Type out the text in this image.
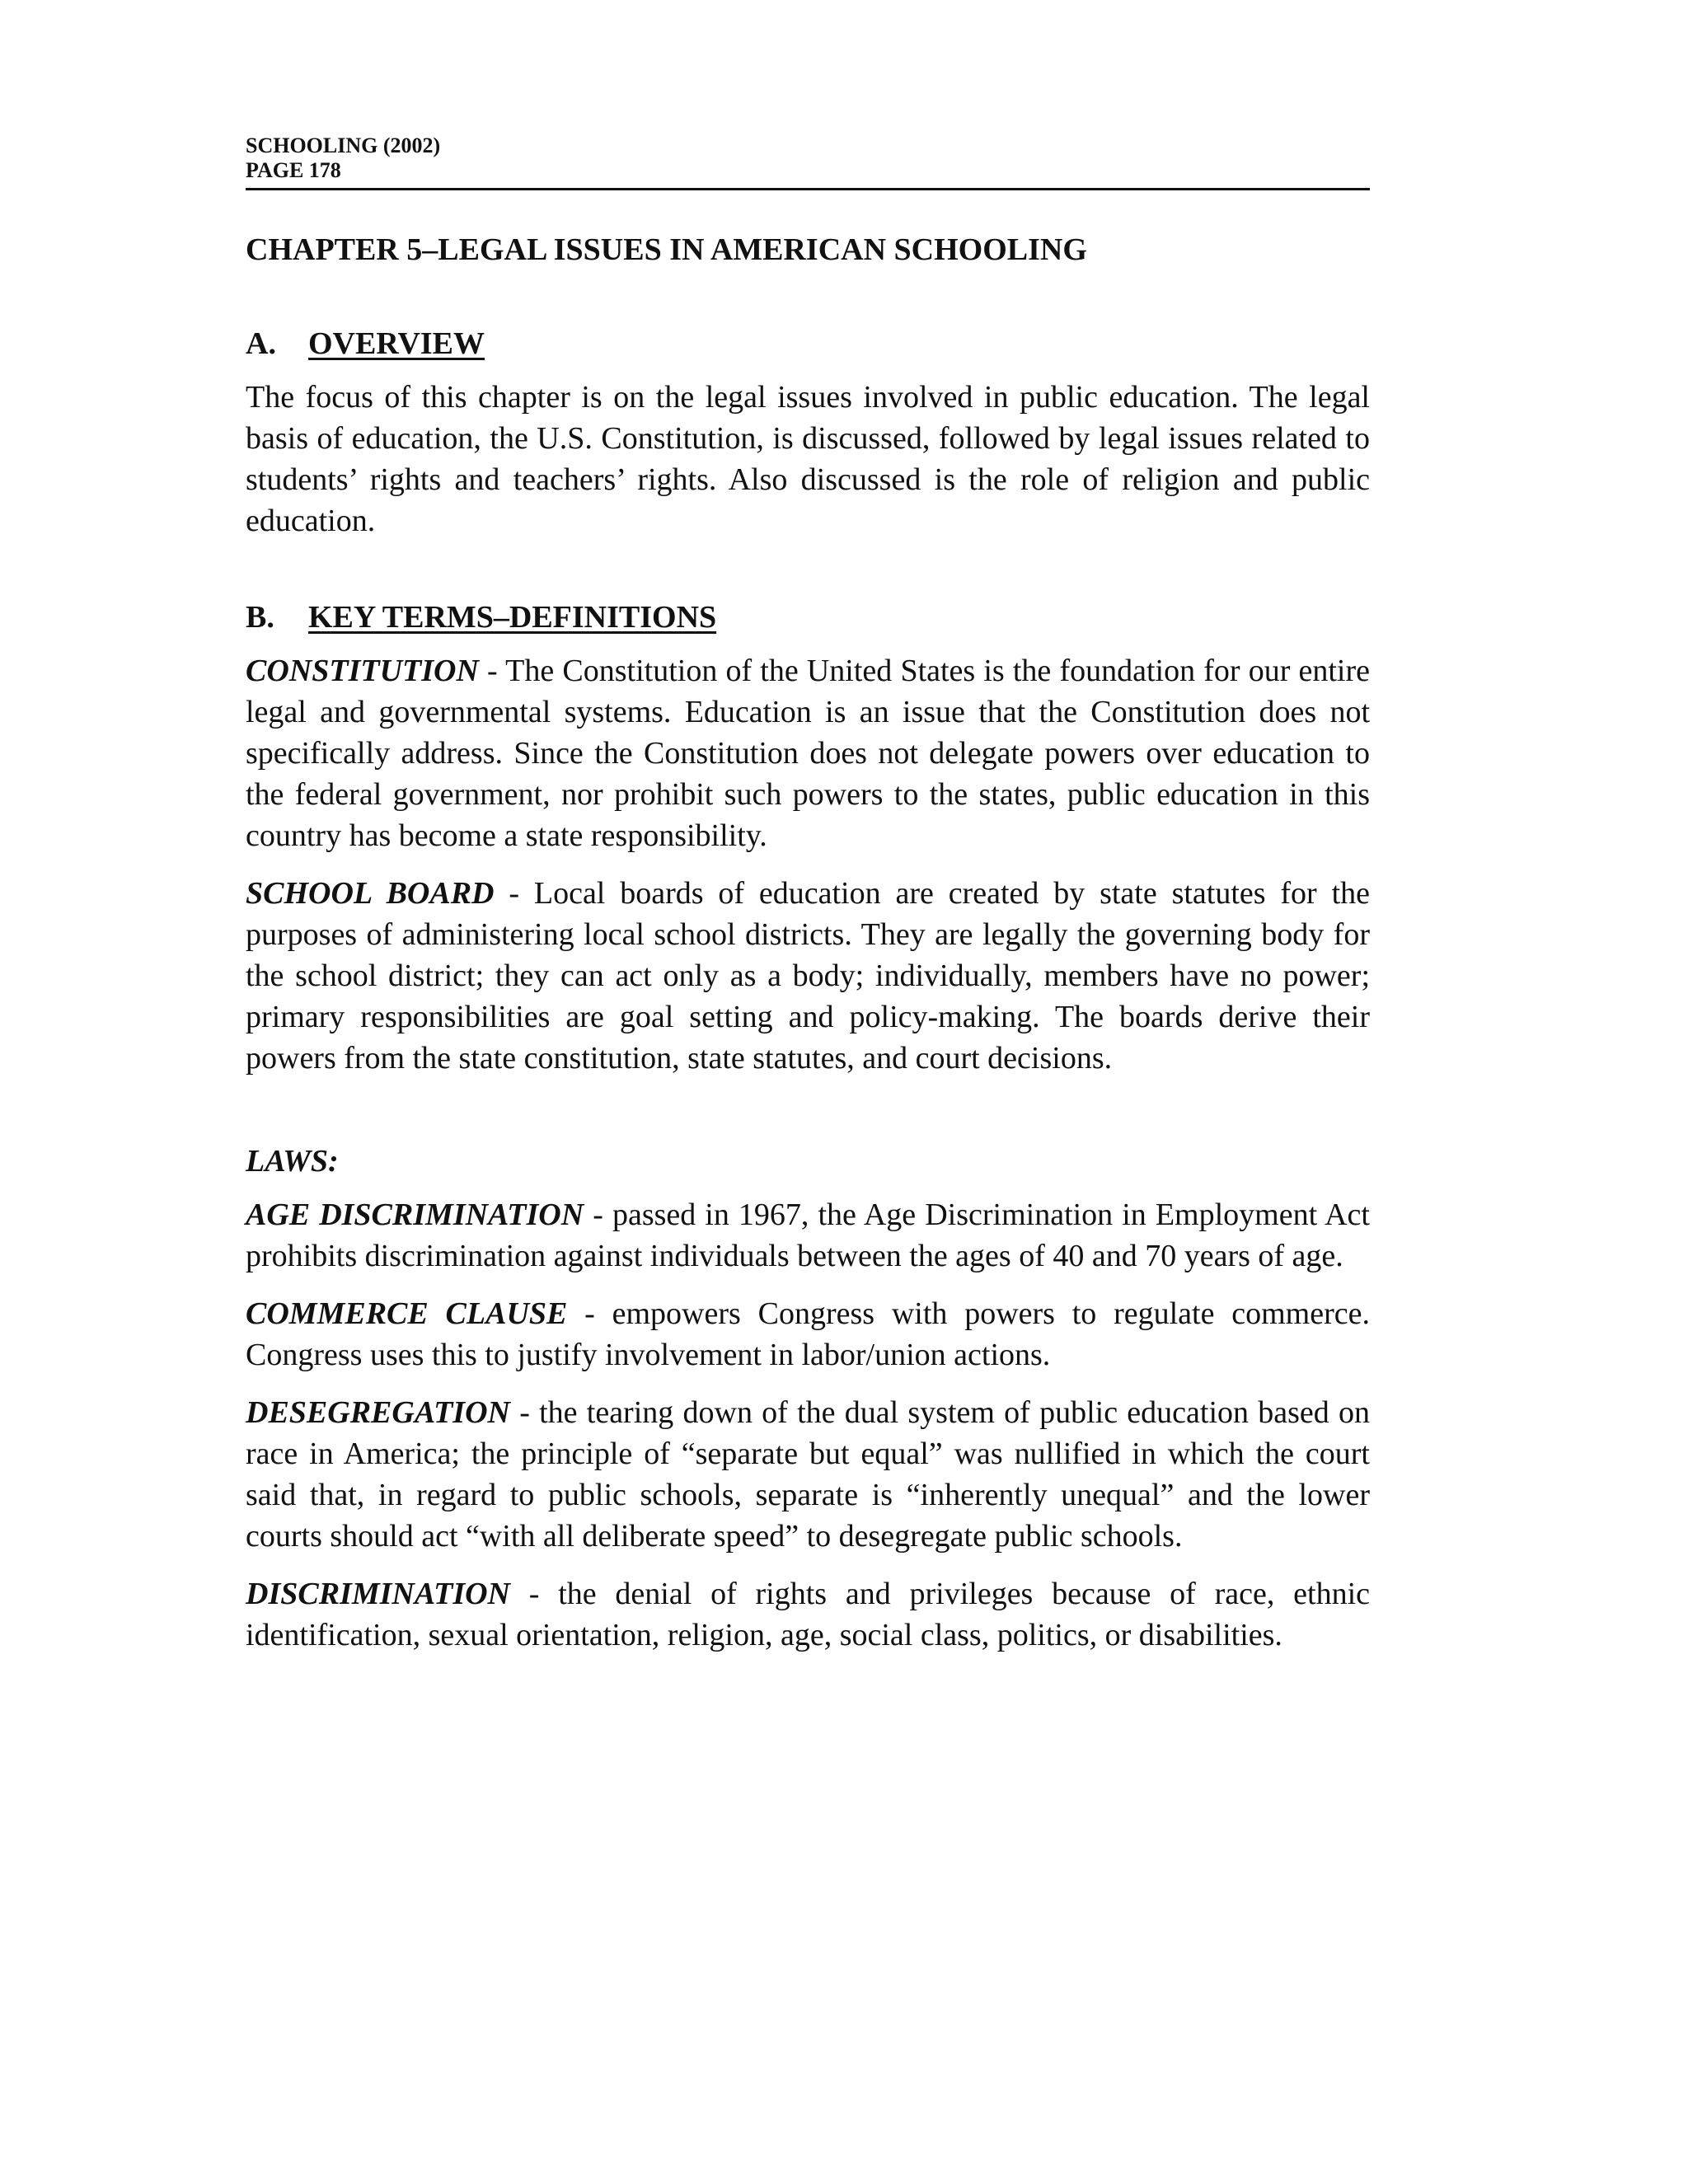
SCHOOLING (2002)
PAGE 178
CHAPTER 5–LEGAL ISSUES IN AMERICAN SCHOOLING
A. OVERVIEW

The focus of this chapter is on the legal issues involved in public education. The legal basis of education, the U.S. Constitution, is discussed, followed by legal issues related to students’ rights and teachers’ rights. Also discussed is the role of religion and public education.

B. KEY TERMS–DEFINITIONS

CONSTITUTION - The Constitution of the United States is the foundation for our entire legal and governmental systems. Education is an issue that the Constitution does not specifically address. Since the Constitution does not delegate powers over education to the federal government, nor prohibit such powers to the states, public education in this country has become a state responsibility.

SCHOOL BOARD - Local boards of education are created by state statutes for the purposes of administering local school districts. They are legally the governing body for the school district; they can act only as a body; individually, members have no power; primary responsibilities are goal setting and policy-making. The boards derive their powers from the state constitution, state statutes, and court decisions.

LAWS:

AGE DISCRIMINATION - passed in 1967, the Age Discrimination in Employment Act prohibits discrimination against individuals between the ages of 40 and 70 years of age.

COMMERCE CLAUSE - empowers Congress with powers to regulate commerce. Congress uses this to justify involvement in labor/union actions.

DESEGREGATION - the tearing down of the dual system of public education based on race in America; the principle of “separate but equal” was nullified in which the court said that, in regard to public schools, separate is “inherently unequal” and the lower courts should act “with all deliberate speed” to desegregate public schools.

DISCRIMINATION - the denial of rights and privileges because of race, ethnic identification, sexual orientation, religion, age, social class, politics, or disabilities.
